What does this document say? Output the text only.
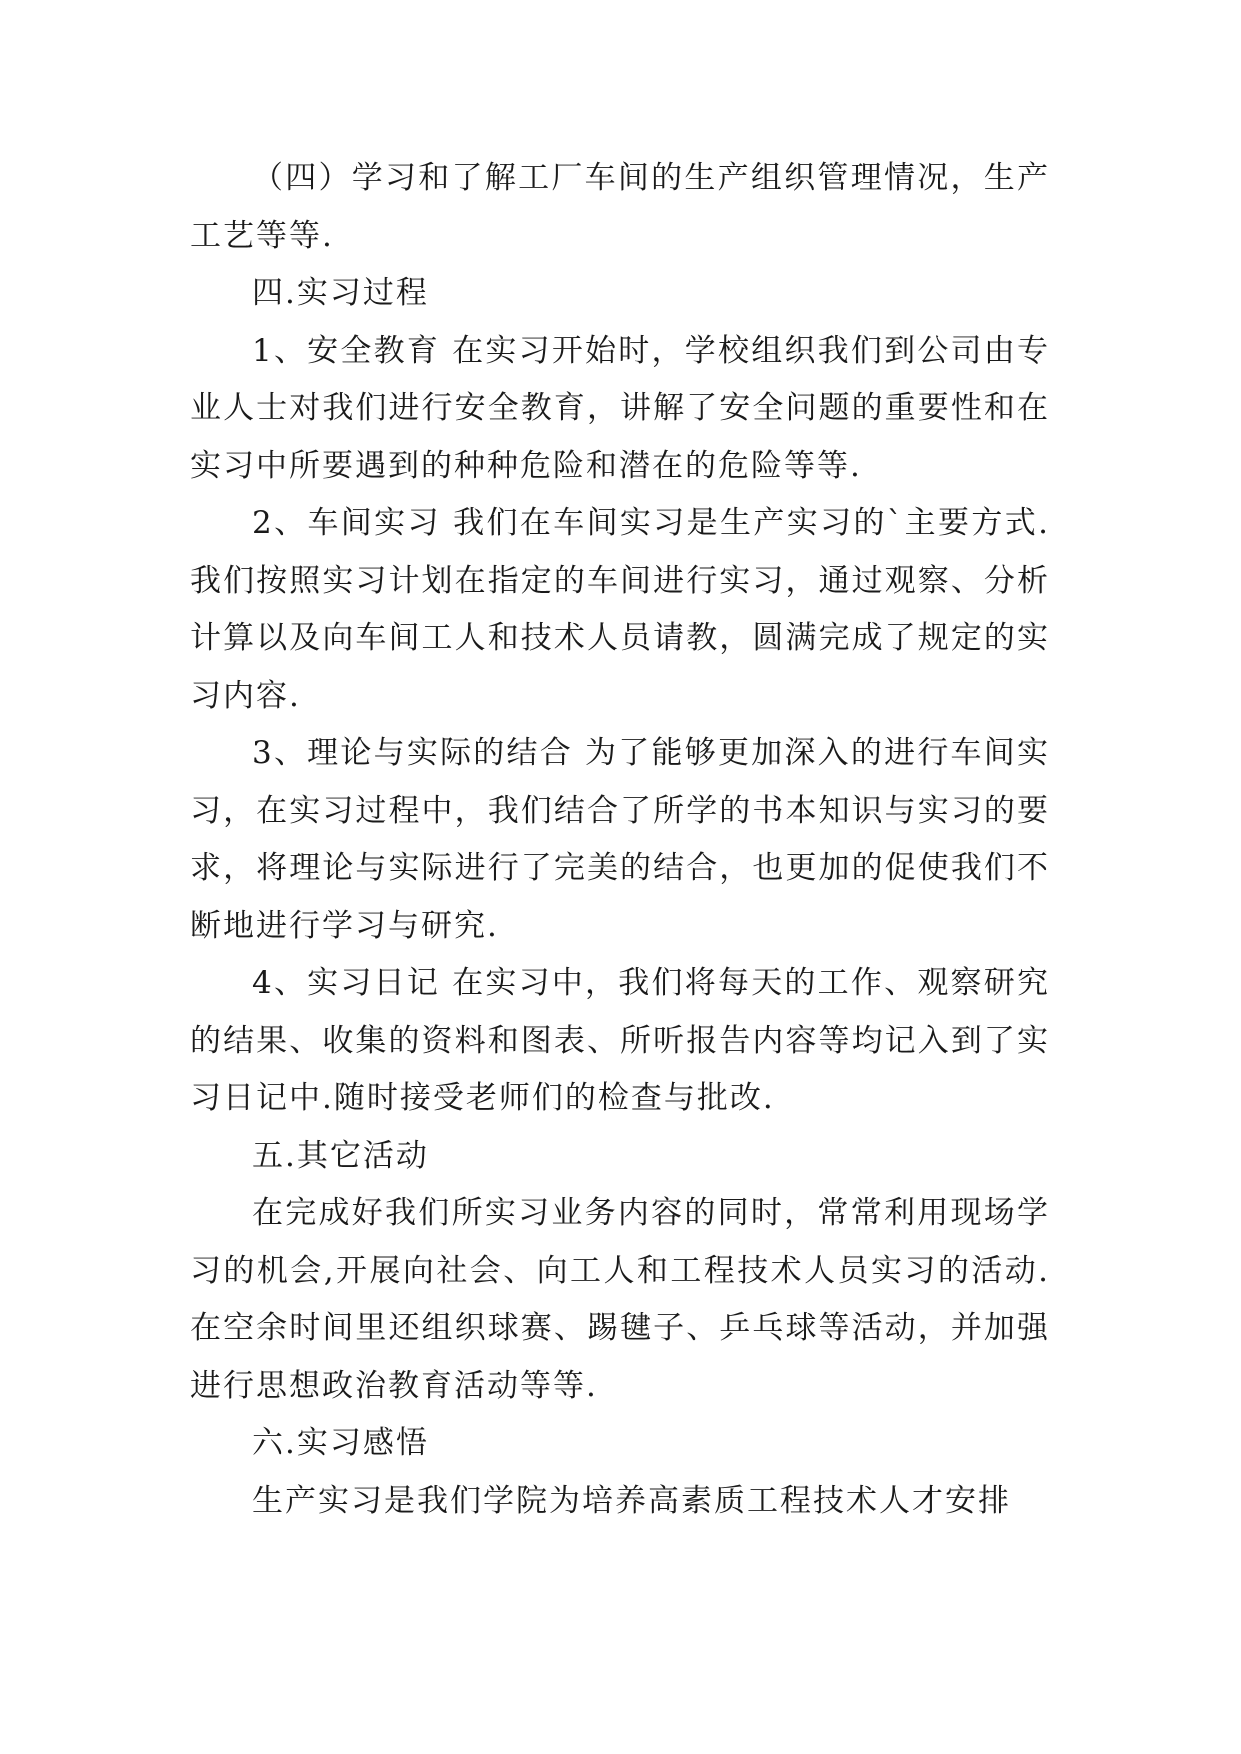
（四）学习和了解工厂车间的生产组织管理情况，生产工艺等等.

四.实习过程

1、安全教育 在实习开始时，学校组织我们到公司由专业人士对我们进行安全教育，讲解了安全问题的重要性和在实习中所要遇到的种种危险和潜在的危险等等.

2、车间实习 我们在车间实习是生产实习的`主要方式.我们按照实习计划在指定的车间进行实习，通过观察、分析计算以及向车间工人和技术人员请教，圆满完成了规定的实习内容.

3、理论与实际的结合 为了能够更加深入的进行车间实习，在实习过程中，我们结合了所学的书本知识与实习的要求，将理论与实际进行了完美的结合，也更加的促使我们不断地进行学习与研究.

4、实习日记 在实习中，我们将每天的工作、观察研究的结果、收集的资料和图表、所听报告内容等均记入到了实习日记中.随时接受老师们的检查与批改.

五.其它活动

在完成好我们所实习业务内容的同时，常常利用现场学习的机会,开展向社会、向工人和工程技术人员实习的活动.在空余时间里还组织球赛、踢毽子、乒乓球等活动，并加强进行思想政治教育活动等等.

六.实习感悟

生产实习是我们学院为培养高素质工程技术人才安排
